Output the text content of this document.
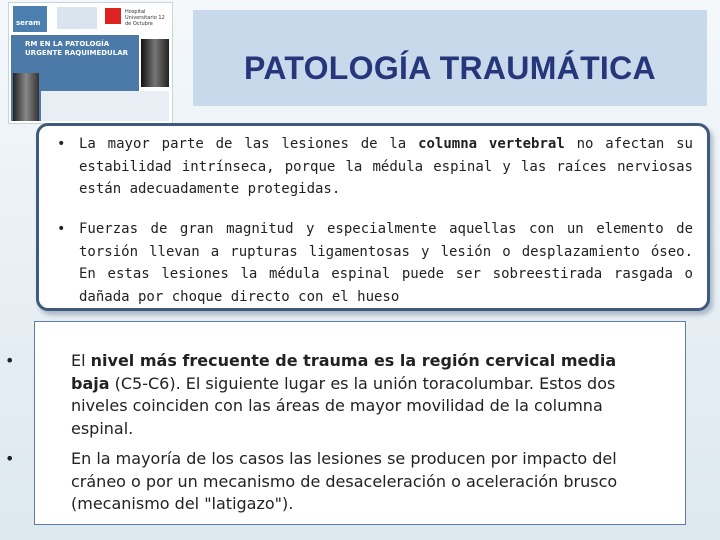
seram
Hospital Universitario 12 de Octubre
RM EN LA PATOLOGÍA URGENTE RAQUIMEDULAR	PATOLOGÍA TRAUMÁTICA
• La mayor parte de las lesiones de la columna vertebral no afectan su estabilidad intrínseca, porque la médula espinal y las raíces nerviosas están adecuadamente protegidas.
• Fuerzas de gran magnitud y especialmente aquellas con un elemento de torsión llevan a rupturas ligamentosas y lesión o desplazamiento óseo. En estas lesiones la médula espinal puede ser sobreestirada rasgada o dañada por choque directo con el hueso
•	El nivel más frecuente de trauma es la región cervical media baja (C5-C6). El siguiente lugar es la unión toracolumbar. Estos dos niveles coinciden con las áreas de mayor movilidad de la columna espinal.
•	En la mayoría de los casos las lesiones se producen por impacto del cráneo o por un mecanismo de desaceleración o aceleración brusco (mecanismo del "latigazo").
